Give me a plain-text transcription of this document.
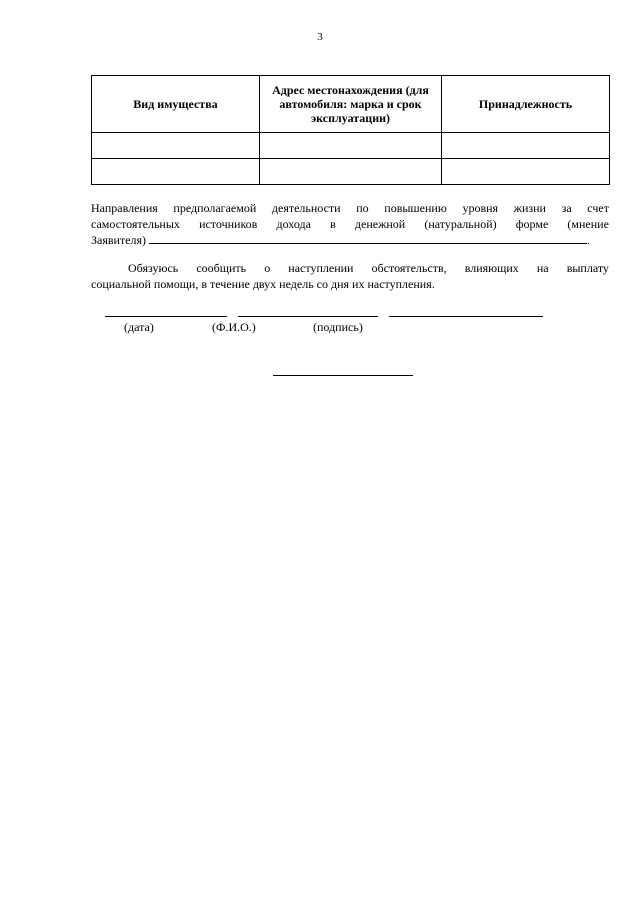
3
Вид имущества	Адрес местонахождения (для автомобиля: марка и срок эксплуатации)	Принадлежность

Направления предполагаемой деятельности по повышению уровня жизни за счет
самостоятельных источников дохода в денежной (натуральной) форме (мнение
Заявителя)	.
Обязуюсь сообщить о наступлении обстоятельств, влияющих на выплату
социальной помощи, в течение двух недель со дня их наступления.
(дата)	(Ф.И.О.)	(подпись)
